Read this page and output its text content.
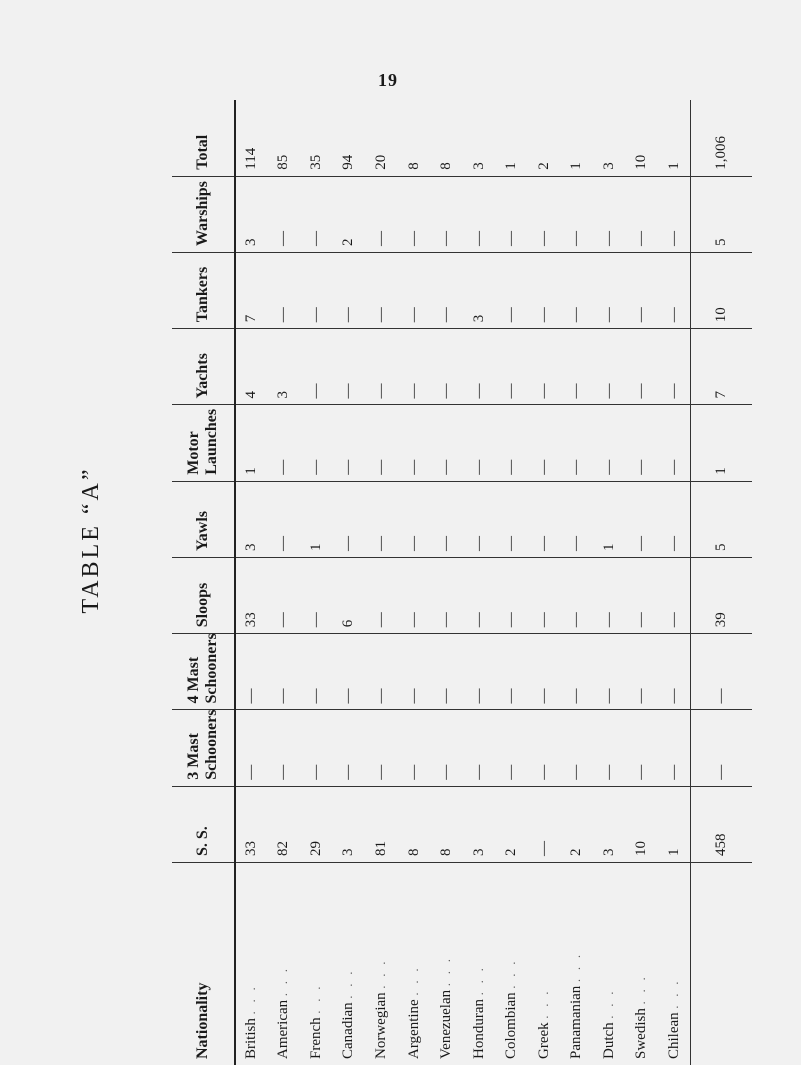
19
TABLE “A”
Nationality	S. S.	3 Mast Schooners	4 Mast Schooners	Sloops	Yawls	Motor Launches	Yachts	Tankers	Warships	Total
British . . .	33	—	—	33	3	1	4	7	3	114
American . . .	82	—	—	—	—	—	3	—	—	85
French . . .	29	—	—	—	1	—	—	—	—	35
Canadian . . .	3	—	—	6	—	—	—	—	2	94
Norwegian . . .	81	—	—	—	—	—	—	—	—	20
Argentine . . .	8	—	—	—	—	—	—	—	—	8
Venezuelan . . .	8	—	—	—	—	—	—	—	—	8
Honduran . . .	3	—	—	—	—	—	—	3	—	3
Colombian . . .	2	—	—	—	—	—	—	—	—	1
Greek . . .	—	—	—	—	—	—	—	—	—	2
Panamanian . . .	2	—	—	—	—	—	—	—	—	1
Dutch . . .	3	—	—	—	1	—	—	—	—	3
Swedish . . .	10	—	—	—	—	—	—	—	—	10
Chilean . . .	1	—	—	—	—	—	—	—	—	1
	458	—	—	39	5	1	7	10	5	1,006
